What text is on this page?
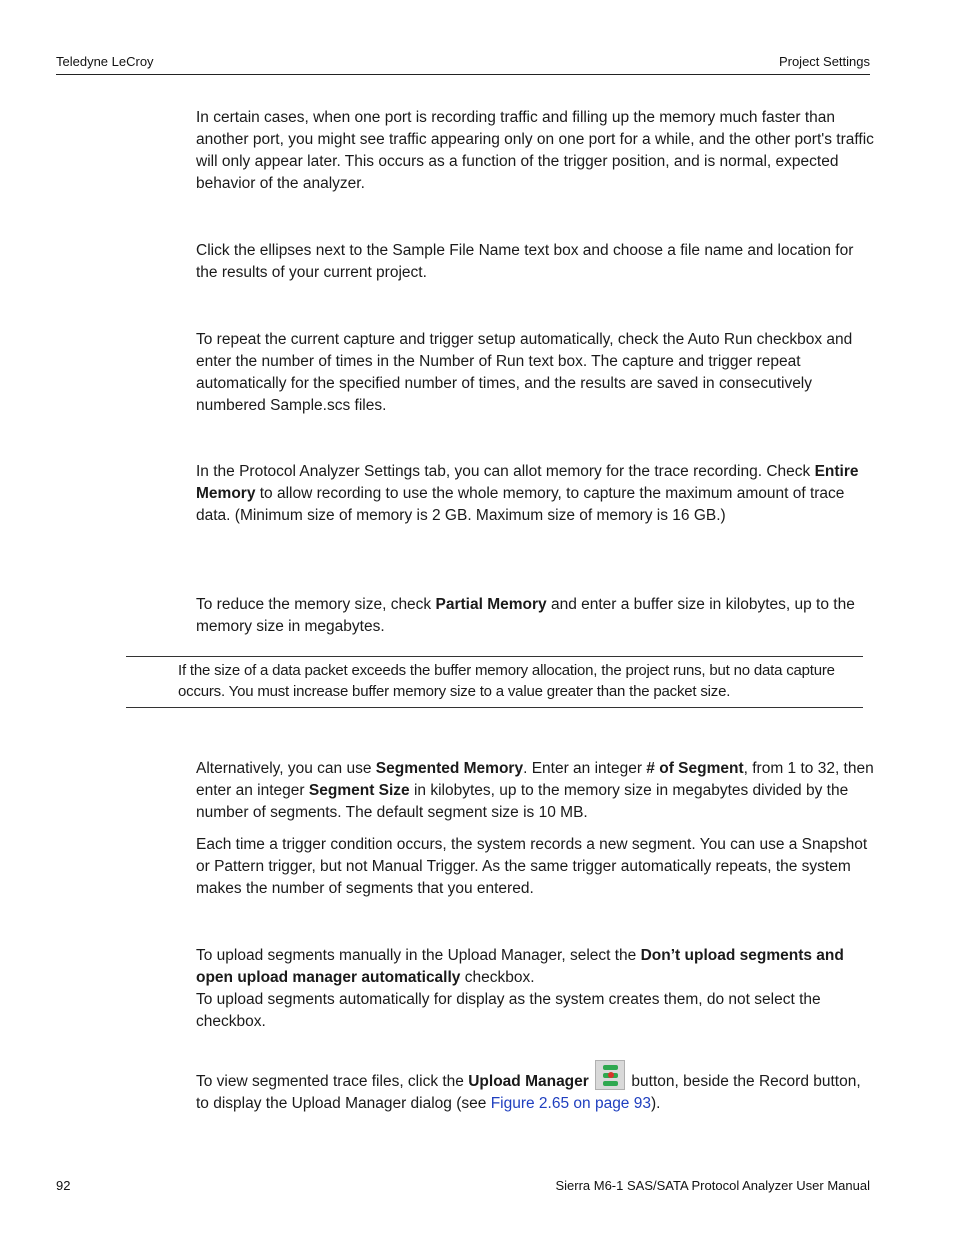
Teledyne LeCroy	Project Settings

In certain cases, when one port is recording traffic and filling up the memory much faster than another port, you might see traffic appearing only on one port for a while, and the other port's traffic will only appear later. This occurs as a function of the trigger position, and is normal, expected behavior of the analyzer.

Click the ellipses next to the Sample File Name text box and choose a file name and location for the results of your current project.

To repeat the current capture and trigger setup automatically, check the Auto Run checkbox and enter the number of times in the Number of Run text box. The capture and trigger repeat automatically for the specified number of times, and the results are saved in consecutively numbered Sample.scs files.

In the Protocol Analyzer Settings tab, you can allot memory for the trace recording. Check Entire Memory to allow recording to use the whole memory, to capture the maximum amount of trace data. (Minimum size of memory is 2 GB. Maximum size of memory is 16 GB.)

To reduce the memory size, check Partial Memory and enter a buffer size in kilobytes, up to the memory size in megabytes.

If the size of a data packet exceeds the buffer memory allocation, the project runs, but no data capture occurs. You must increase buffer memory size to a value greater than the packet size.

Alternatively, you can use Segmented Memory. Enter an integer # of Segment, from 1 to 32, then enter an integer Segment Size in kilobytes, up to the memory size in megabytes divided by the number of segments. The default segment size is 10 MB.

Each time a trigger condition occurs, the system records a new segment. You can use a Snapshot or Pattern trigger, but not Manual Trigger. As the same trigger automatically repeats, the system makes the number of segments that you entered.

To upload segments manually in the Upload Manager, select the Don’t upload segments and open upload manager automatically checkbox.
To upload segments automatically for display as the system creates them, do not select the checkbox.

To view segmented trace files, click the Upload Manager
button, beside the Record button, to display the Upload Manager dialog (see Figure 2.65 on page 93).

92	Sierra M6-1 SAS/SATA Protocol Analyzer User Manual
